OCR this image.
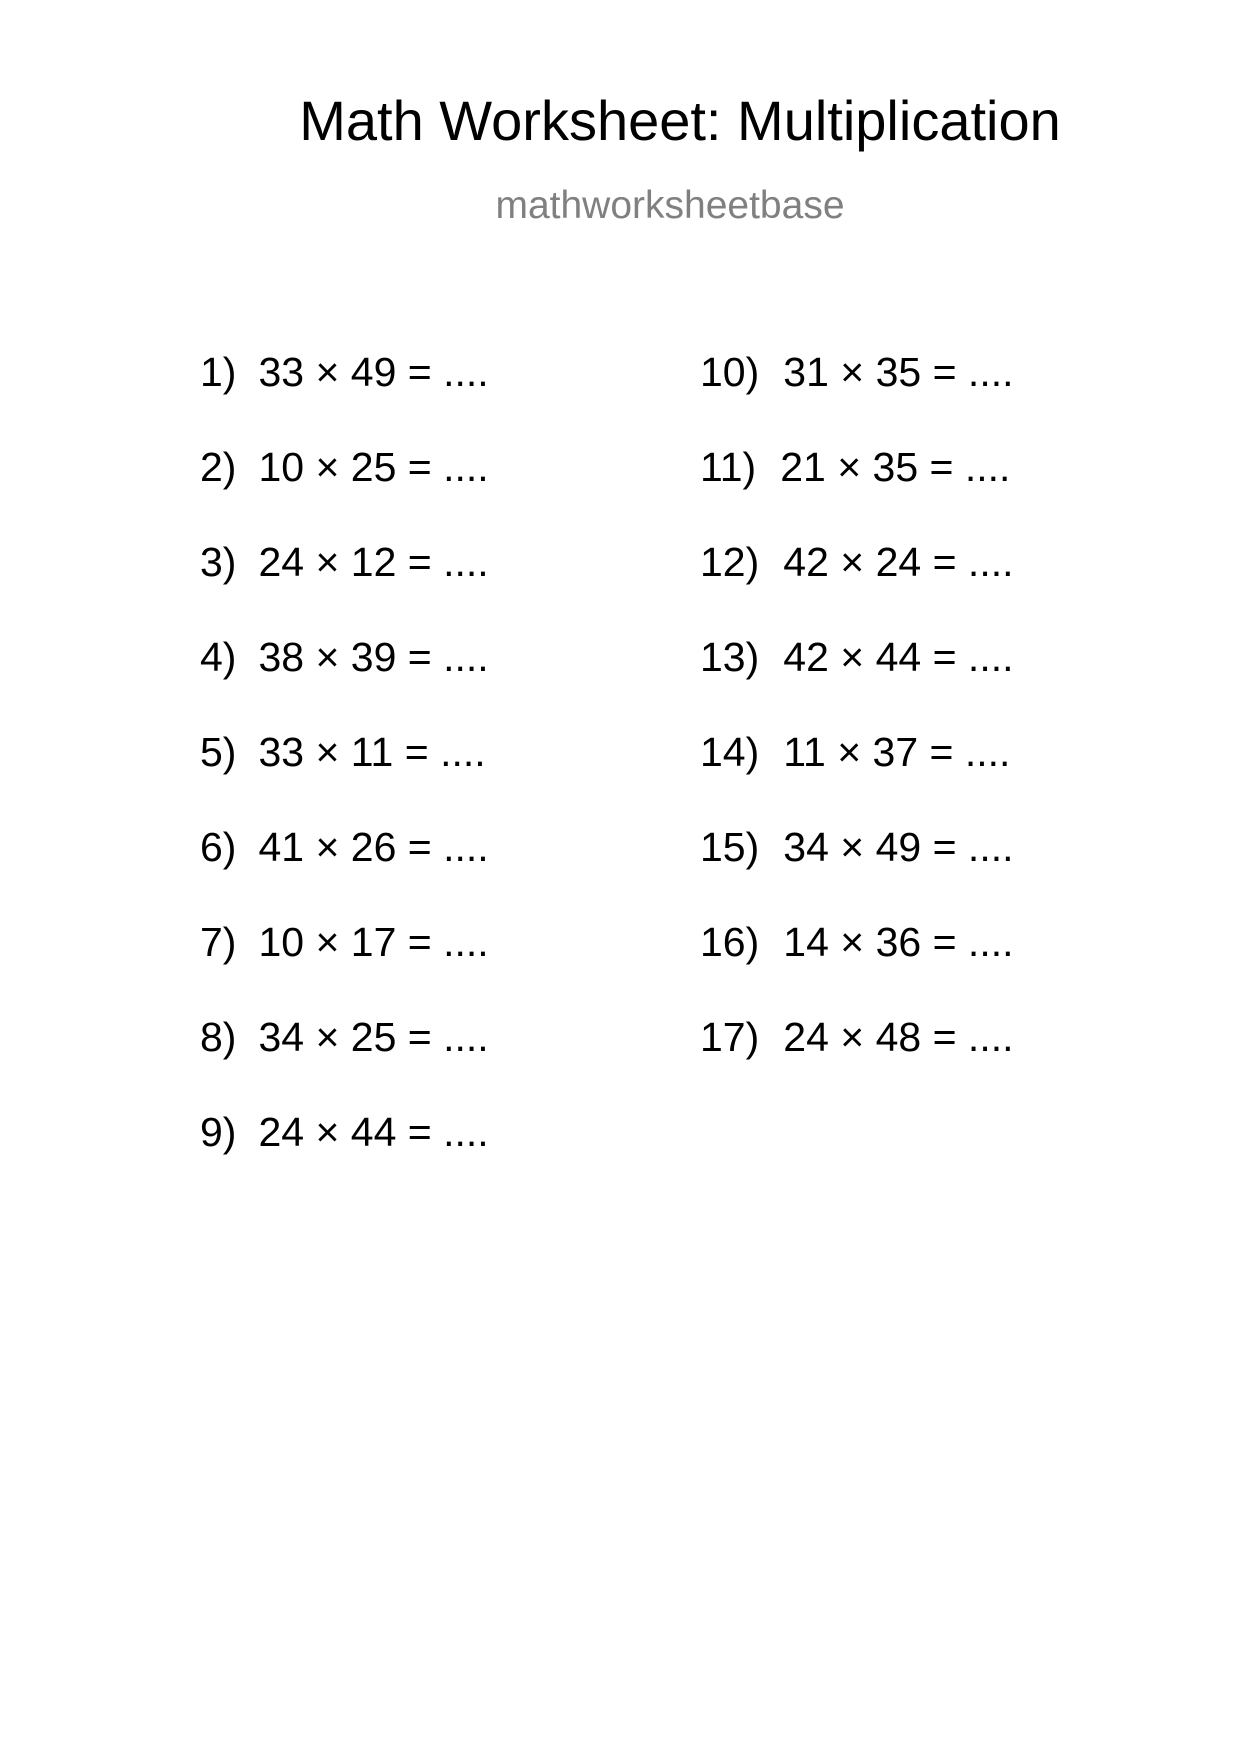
Math Worksheet: Multiplication
mathworksheetbase
1) 33 × 49 = ....
2) 10 × 25 = ....
3) 24 × 12 = ....
4) 38 × 39 = ....
5) 33 × 11 = ....
6) 41 × 26 = ....
7) 10 × 17 = ....
8) 34 × 25 = ....
9) 24 × 44 = ....
10) 31 × 35 = ....
11) 21 × 35 = ....
12) 42 × 24 = ....
13) 42 × 44 = ....
14) 11 × 37 = ....
15) 34 × 49 = ....
16) 14 × 36 = ....
17) 24 × 48 = ....
